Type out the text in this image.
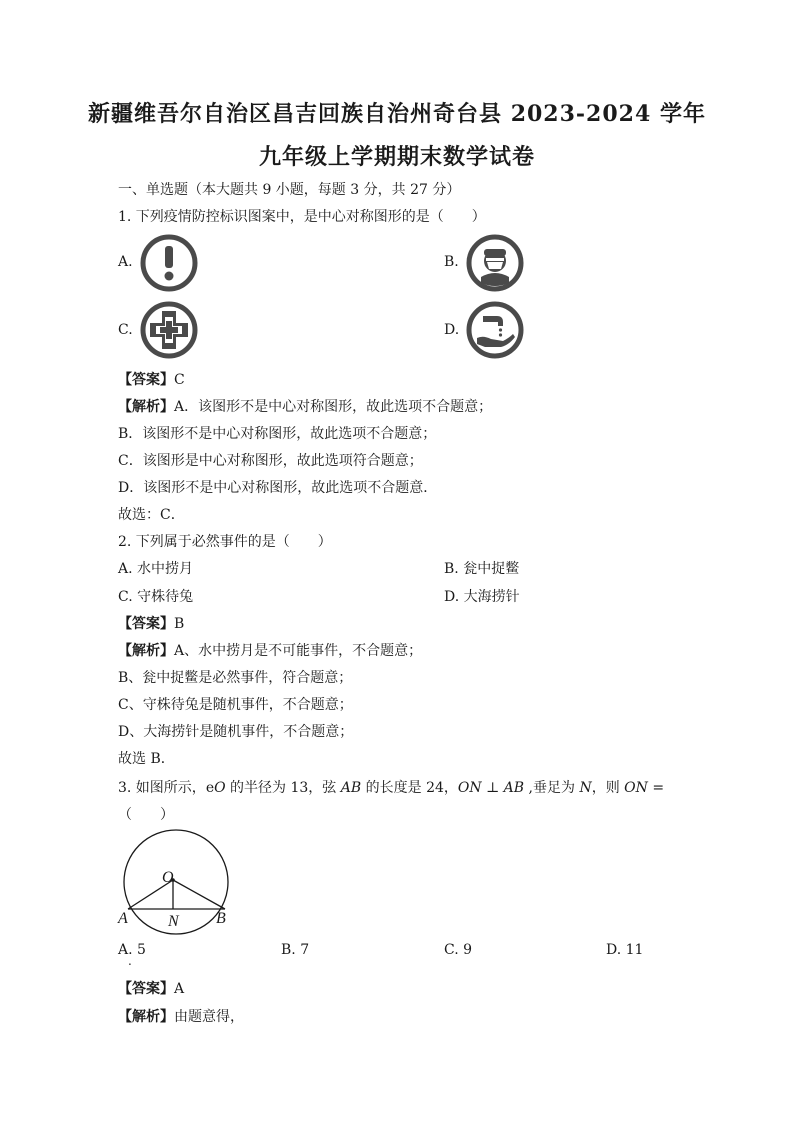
新疆维吾尔自治区昌吉回族自治州奇台县 2023-2024 学年
九年级上学期期末数学试卷
一、单选题（本大题共 9 小题，每题 3 分，共 27 分）
1. 下列疫情防控标识图案中，是中心对称图形的是（　　）
A.	B.
C.	D.
【答案】C
【解析】A．该图形不是中心对称图形，故此选项不合题意；
B．该图形不是中心对称图形，故此选项不合题意；
C．该图形是中心对称图形，故此选项符合题意；
D．该图形不是中心对称图形，故此选项不合题意．
故选：C．
2. 下列属于必然事件的是（　　）
A. 水中捞月	B. 瓮中捉鳖
C. 守株待兔	D. 大海捞针
【答案】B
【解析】A、水中捞月是不可能事件，不合题意；
B、瓮中捉鳖是必然事件，符合题意；
C、守株待兔是随机事件，不合题意；
D、大海捞针是随机事件，不合题意；
故选 B．
3. 如图所示，eO 的半径为 13，弦 AB 的长度是 24，ON ⊥ AB ,垂足为 N，则 ON =
（　　）
O
A	B
N
A. 5	B. 7	C. 9	D. 11
.
【答案】A
【解析】由题意得，
